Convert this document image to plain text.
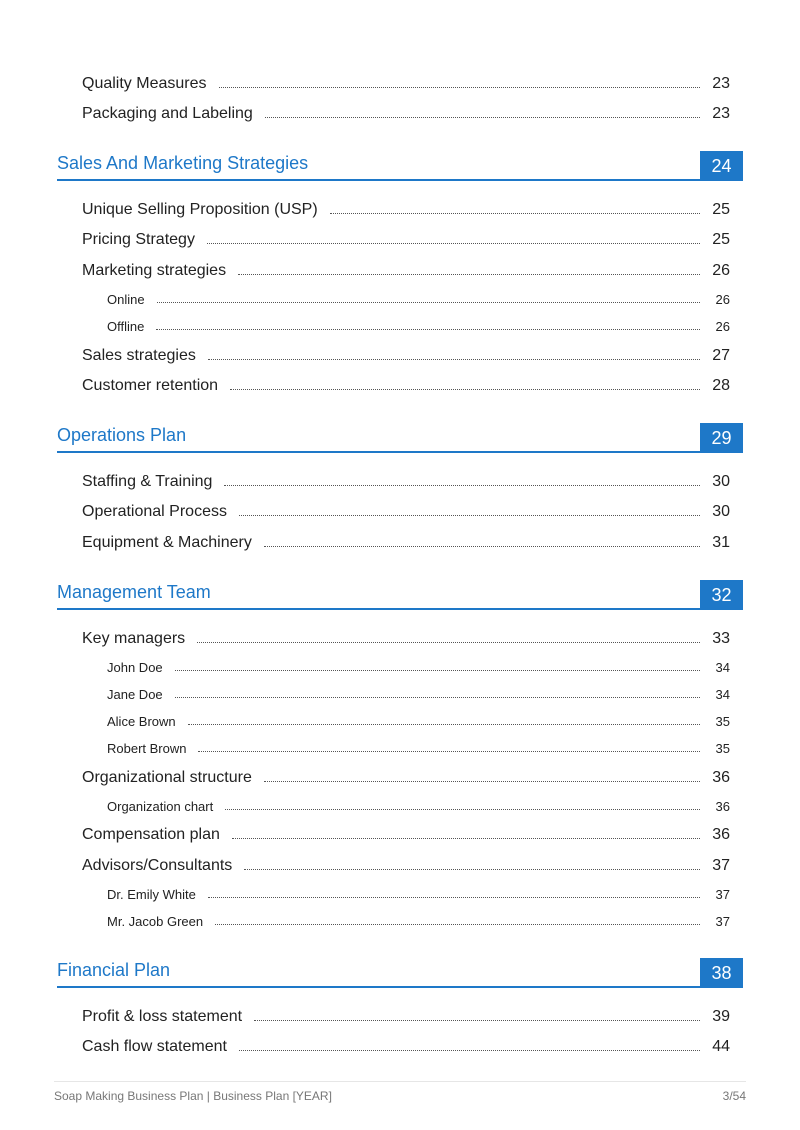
Quality Measures	23
Packaging and Labeling	23
Sales And Marketing Strategies	24
Unique Selling Proposition (USP)	25
Pricing Strategy	25
Marketing strategies	26
Online	26
Offline	26
Sales strategies	27
Customer retention	28
Operations Plan	29
Staffing & Training	30
Operational Process	30
Equipment & Machinery	31
Management Team	32
Key managers	33
John Doe	34
Jane Doe	34
Alice Brown	35
Robert Brown	35
Organizational structure	36
Organization chart	36
Compensation plan	36
Advisors/Consultants	37
Dr. Emily White	37
Mr. Jacob Green	37
Financial Plan	38
Profit & loss statement	39
Cash flow statement	44
Soap Making Business Plan | Business Plan [YEAR]	3/54
